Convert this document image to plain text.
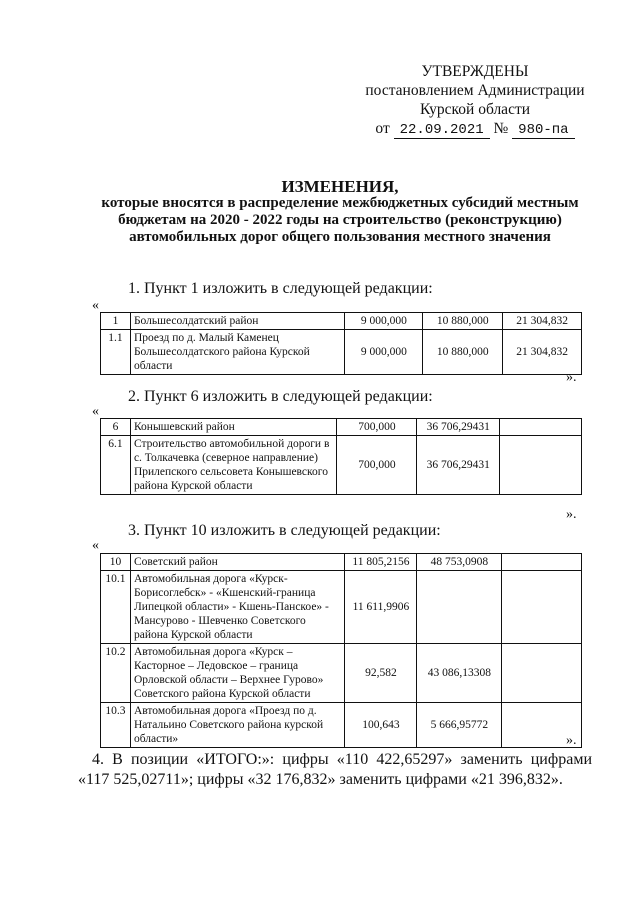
УТВЕРЖДЕНЫ
постановлением Администрации
Курской области
от 22.09.2021 № 980-па
ИЗМЕНЕНИЯ,
которые вносятся в распределение межбюджетных субсидий местным
бюджетам на 2020 - 2022 годы на строительство (реконструкцию)
автомобильных дорог общего пользования местного значения
1. Пункт 1 изложить в следующей редакции:
«
1	Большесолдатский район	9 000,000	10 880,000	21 304,832
1.1	Проезд по д. Малый Каменец Большесолдатского района Курской области	9 000,000	10 880,000	21 304,832
».
2. Пункт 6 изложить в следующей редакции:
«
6	Конышевский район	700,000	36 706,29431	
6.1	Строительство автомобильной дороги в с. Толкачевка (северное направление) Прилепского сельсовета Конышевского района Курской области	700,000	36 706,29431	
».
3. Пункт 10 изложить в следующей редакции:
«
10	Советский район	11 805,2156	48 753,0908	
10.1	Автомобильная дорога «Курск-Борисоглебск» - «Кшенский-граница Липецкой области» - Кшень-Панское» - Мансурово - Шевченко Советского района Курской области	11 611,9906		
10.2	Автомобильная дорога «Курск – Касторное – Ледовское – граница Орловской области – Верхнее Гурово» Советского района Курской области	92,582	43 086,13308	
10.3	Автомобильная дорога «Проезд по д. Натальино Советского района курской области»	100,643	5 666,95772	
».
4. В позиции «ИТОГО:»: цифры «110 422,65297» заменить цифрами
«117 525,02711»; цифры «32 176,832» заменить цифрами «21 396,832».
